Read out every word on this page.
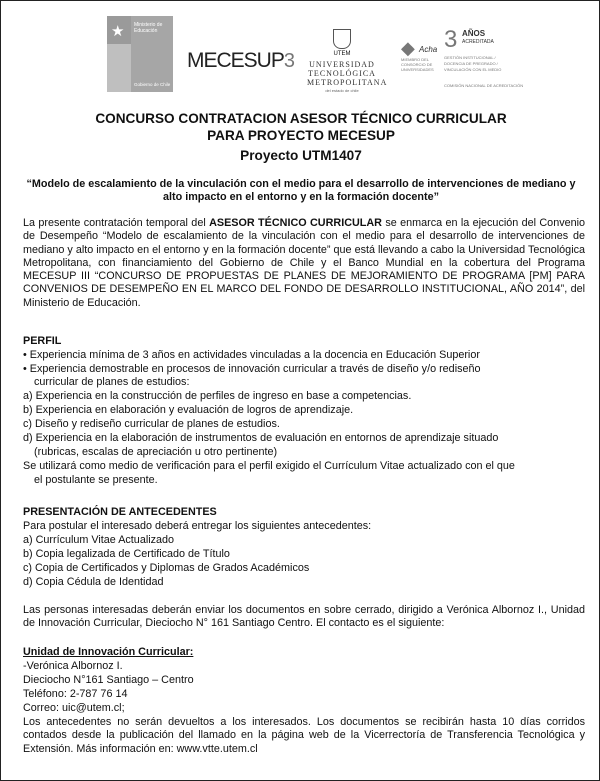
★ Ministerio de
Educación
Gobierno de Chile
MECESUP3	UTEM
UNIVERSIDAD
TECNOLÓGICA
METROPOLITANA
del estado de chile
◆ Acha
MIEMBRO DEL CONSORCIO DE UNIVERSIDADES
3 AÑOS
ACREDITADA
GESTIÓN INSTITUCIONAL / DOCENCIA DE PREGRADO / VINCULACIÓN CON EL MEDIO
COMISIÓN NACIONAL DE ACREDITACIÓN
CONCURSO CONTRATACION ASESOR TÉCNICO CURRICULAR
PARA PROYECTO MECESUP
Proyecto UTM1407
“Modelo de escalamiento de la vinculación con el medio para el desarrollo de intervenciones de mediano y alto impacto en el entorno y en la formación docente”
La presente contratación temporal del ASESOR TÉCNICO CURRICULAR se enmarca en la ejecución del Convenio de Desempeño “Modelo de escalamiento de la vinculación con el medio para el desarrollo de intervenciones de mediano y alto impacto en el entorno y en la formación docente” que está llevando a cabo la Universidad Tecnológica Metropolitana, con financiamiento del Gobierno de Chile y el Banco Mundial en la cobertura del Programa MECESUP III “CONCURSO DE PROPUESTAS DE PLANES DE MEJORAMIENTO DE PROGRAMA [PM] PARA CONVENIOS DE DESEMPEÑO EN EL MARCO DEL FONDO DE DESARROLLO INSTITUCIONAL, AÑO 2014”, del Ministerio de Educación.
PERFIL
• Experiencia mínima de 3 años en actividades vinculadas a la docencia en Educación Superior
• Experiencia demostrable en procesos de innovación curricular a través de diseño y/o rediseño
curricular de planes de estudios:
a) Experiencia en la construcción de perfiles de ingreso en base a competencias.
b) Experiencia en elaboración y evaluación de logros de aprendizaje.
c) Diseño y rediseño curricular de planes de estudios.
d) Experiencia en la elaboración de instrumentos de evaluación en entornos de aprendizaje situado
(rubricas, escalas de apreciación u otro pertinente)
Se utilizará como medio de verificación para el perfil exigido el Currículum Vitae actualizado con el que
el postulante se presente.
PRESENTACIÓN DE ANTECEDENTES
Para postular el interesado deberá entregar los siguientes antecedentes:
a) Currículum Vitae Actualizado
b) Copia legalizada de Certificado de Título
c) Copia de Certificados y Diplomas de Grados Académicos
d) Copia Cédula de Identidad
Las personas interesadas deberán enviar los documentos en sobre cerrado, dirigido a Verónica Albornoz I., Unidad de Innovación Curricular, Dieciocho N° 161 Santiago Centro. El contacto es el siguiente:
Unidad de Innovación Curricular:
-Verónica Albornoz I.
Dieciocho N°161 Santiago – Centro
Teléfono: 2-787 76 14
Correo: uic@utem.cl;
Los antecedentes no serán devueltos a los interesados. Los documentos se recibirán hasta 10 días corridos contados desde la publicación del llamado en la página web de la Vicerrectoría de Transferencia Tecnológica y Extensión. Más información en: www.vtte.utem.cl
